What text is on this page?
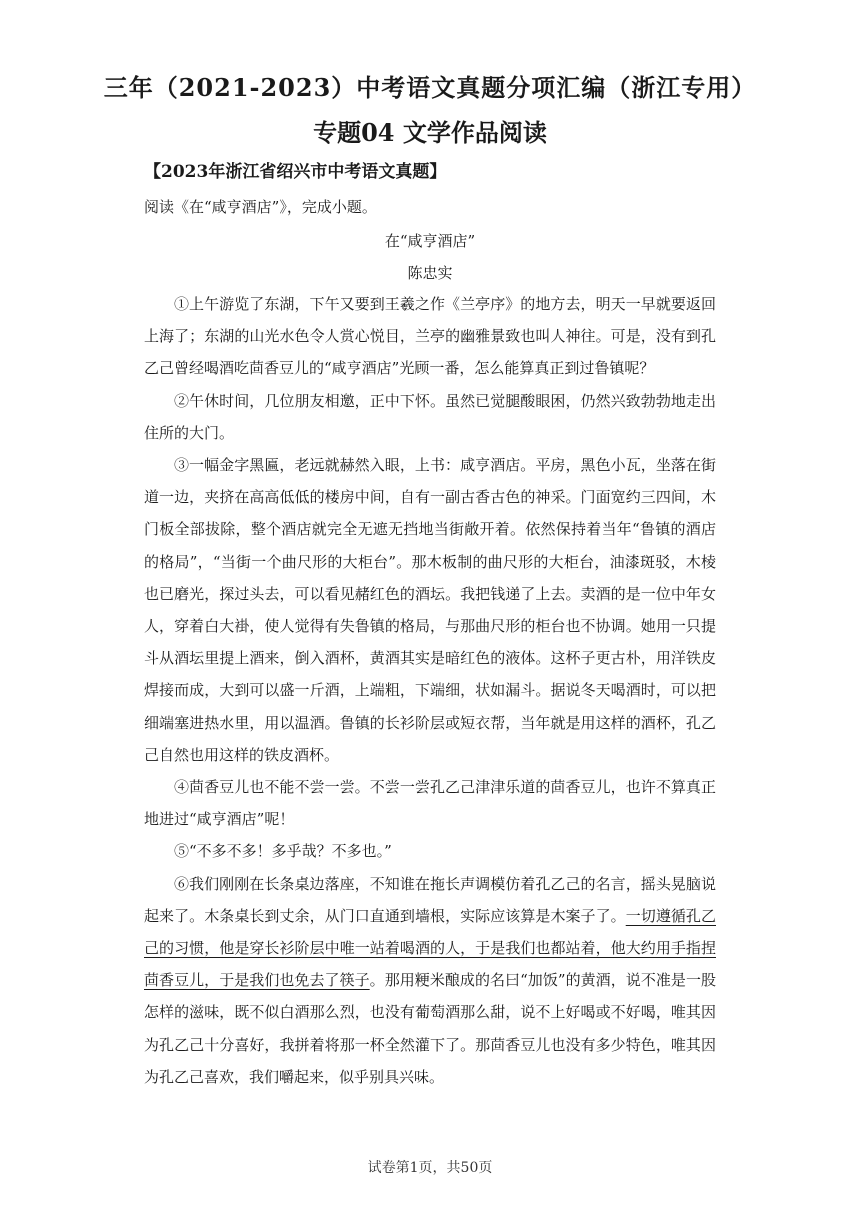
三年（2021-2023）中考语文真题分项汇编（浙江专用）
专题04 文学作品阅读
【2023年浙江省绍兴市中考语文真题】
阅读《在“咸亨酒店”》，完成小题。
在“咸亨酒店”
陈忠实

①上午游览了东湖，下午又要到王羲之作《兰亭序》的地方去，明天一早就要返回上海了；东湖的山光水色令人赏心悦目，兰亭的幽雅景致也叫人神往。可是，没有到孔乙己曾经喝酒吃茴香豆儿的“咸亨酒店”光顾一番，怎么能算真正到过鲁镇呢？

②午休时间，几位朋友相邀，正中下怀。虽然已觉腿酸眼困，仍然兴致勃勃地走出住所的大门。

③一幅金字黑匾，老远就赫然入眼，上书：咸亨酒店。平房，黑色小瓦，坐落在街道一边，夹挤在高高低低的楼房中间，自有一副古香古色的神采。门面宽约三四间，木门板全部拔除，整个酒店就完全无遮无挡地当街敞开着。依然保持着当年“鲁镇的酒店的格局”，“当街一个曲尺形的大柜台”。那木板制的曲尺形的大柜台，油漆斑驳，木棱也已磨光，探过头去，可以看见赭红色的酒坛。我把钱递了上去。卖酒的是一位中年女人，穿着白大褂，使人觉得有失鲁镇的格局，与那曲尺形的柜台也不协调。她用一只提斗从酒坛里提上酒来，倒入酒杯，黄酒其实是暗红色的液体。这杯子更古朴，用洋铁皮焊接而成，大到可以盛一斤酒，上端粗，下端细，状如漏斗。据说冬天喝酒时，可以把细端塞进热水里，用以温酒。鲁镇的长衫阶层或短衣帮，当年就是用这样的酒杯，孔乙己自然也用这样的铁皮酒杯。

④茴香豆儿也不能不尝一尝。不尝一尝孔乙己津津乐道的茴香豆儿，也许不算真正地进过“咸亨酒店”呢！

⑤“不多不多！多乎哉？不多也。”

⑥我们刚刚在长条桌边落座，不知谁在拖长声调模仿着孔乙己的名言，摇头晃脑说起来了。木条桌长到丈余，从门口直通到墙根，实际应该算是木案子了。一切遵循孔乙己的习惯，他是穿长衫阶层中唯一站着喝酒的人，于是我们也都站着，他大约用手指捏茴香豆儿，于是我们也免去了筷子。那用粳米酿成的名曰“加饭”的黄酒，说不准是一股怎样的滋味，既不似白酒那么烈，也没有葡萄酒那么甜，说不上好喝或不好喝，唯其因为孔乙己十分喜好，我拼着将那一杯全然灌下了。那茴香豆儿也没有多少特色，唯其因为孔乙己喜欢，我们嚼起来，似乎别具兴味。

试卷第1页，共50页
